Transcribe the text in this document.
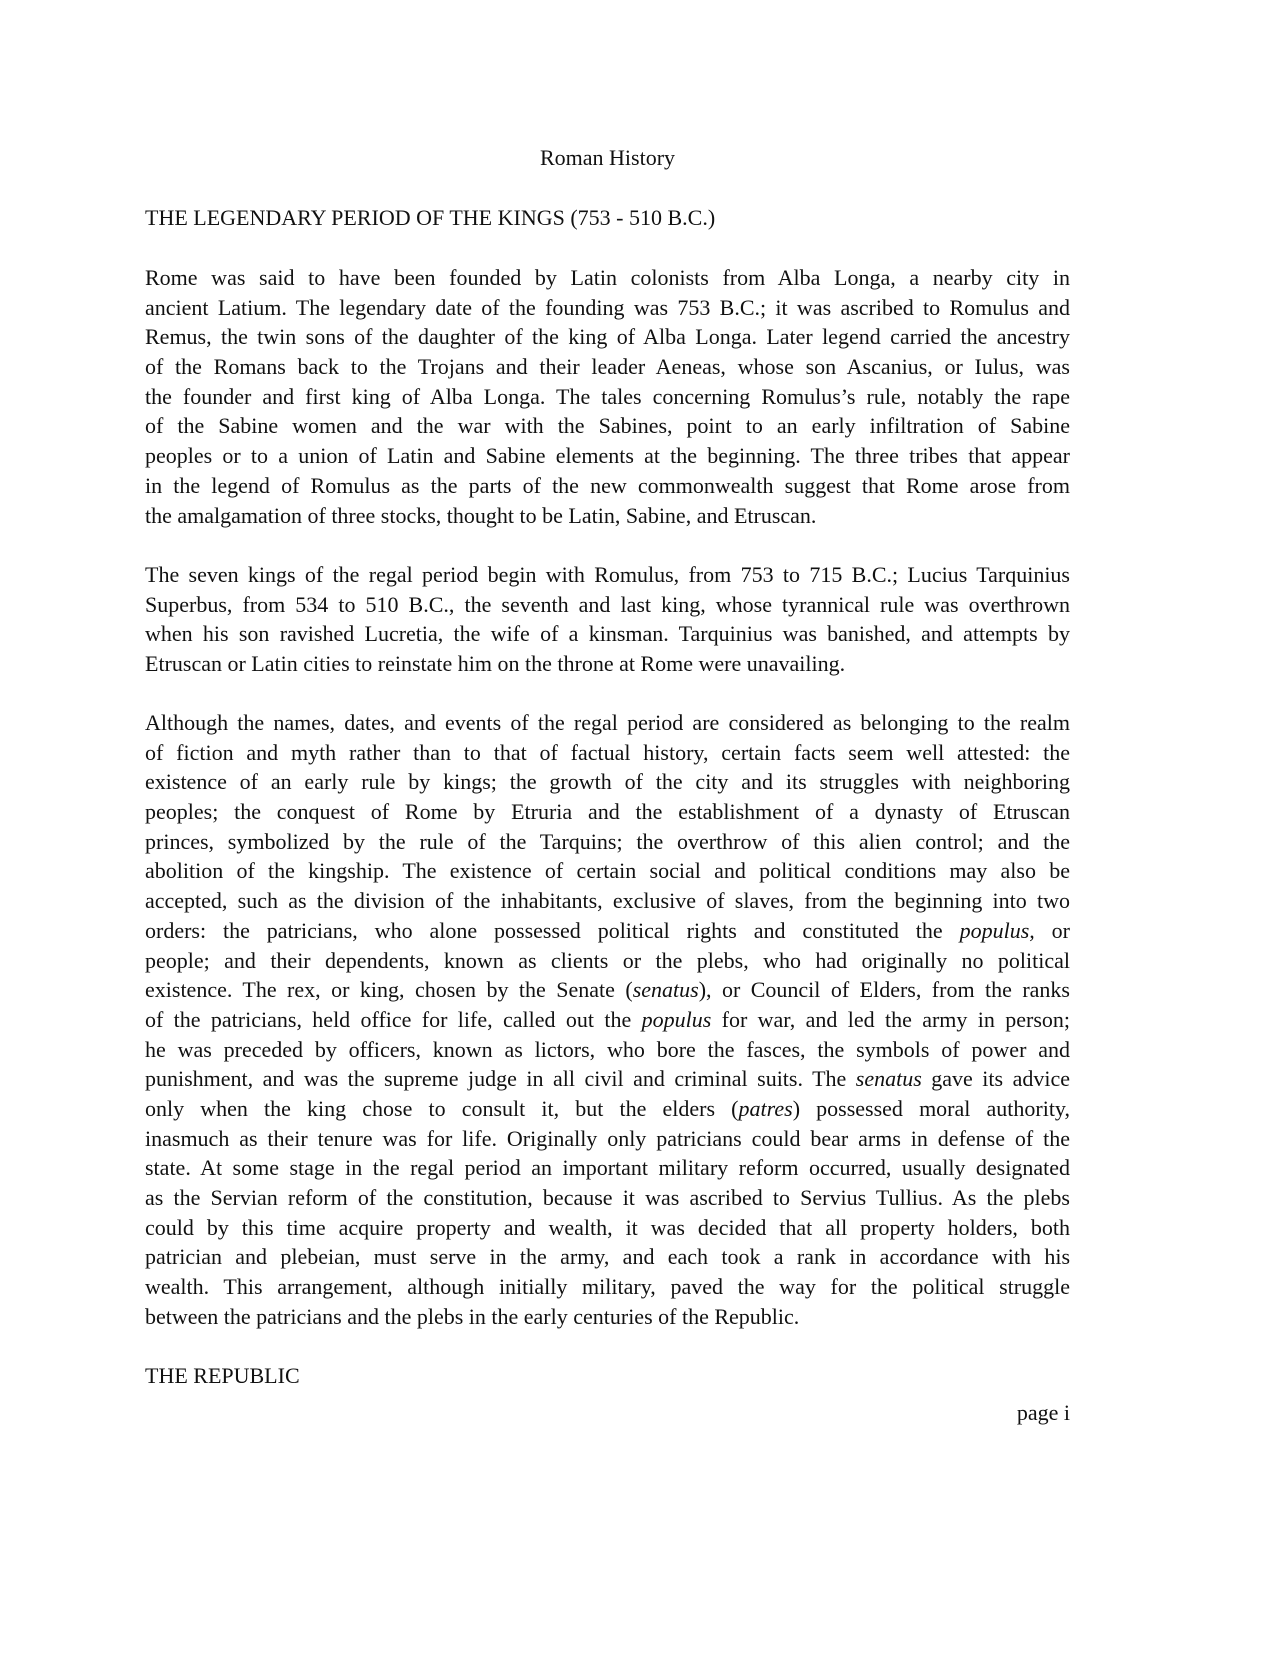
Roman History
THE LEGENDARY PERIOD OF THE KINGS (753 - 510 B.C.)
Rome was said to have been founded by Latin colonists from Alba Longa, a nearby city in
ancient Latium. The legendary date of the founding was 753 B.C.; it was ascribed to Romulus and
Remus, the twin sons of the daughter of the king of Alba Longa. Later legend carried the ancestry
of the Romans back to the Trojans and their leader Aeneas, whose son Ascanius, or Iulus, was
the founder and first king of Alba Longa. The tales concerning Romulus’s rule, notably the rape
of the Sabine women and the war with the Sabines, point to an early infiltration of Sabine
peoples or to a union of Latin and Sabine elements at the beginning. The three tribes that appear
in the legend of Romulus as the parts of the new commonwealth suggest that Rome arose from
the amalgamation of three stocks, thought to be Latin, Sabine, and Etruscan.
The seven kings of the regal period begin with Romulus, from 753 to 715 B.C.; Lucius Tarquinius
Superbus, from 534 to 510 B.C., the seventh and last king, whose tyrannical rule was overthrown
when his son ravished Lucretia, the wife of a kinsman. Tarquinius was banished, and attempts by
Etruscan or Latin cities to reinstate him on the throne at Rome were unavailing.
Although the names, dates, and events of the regal period are considered as belonging to the realm
of fiction and myth rather than to that of factual history, certain facts seem well attested: the
existence of an early rule by kings; the growth of the city and its struggles with neighboring
peoples; the conquest of Rome by Etruria and the establishment of a dynasty of Etruscan
princes, symbolized by the rule of the Tarquins; the overthrow of this alien control; and the
abolition of the kingship. The existence of certain social and political conditions may also be
accepted, such as the division of the inhabitants, exclusive of slaves, from the beginning into two
orders: the patricians, who alone possessed political rights and constituted the populus, or
people; and their dependents, known as clients or the plebs, who had originally no political
existence. The rex, or king, chosen by the Senate (senatus), or Council of Elders, from the ranks
of the patricians, held office for life, called out the populus for war, and led the army in person;
he was preceded by officers, known as lictors, who bore the fasces, the symbols of power and
punishment, and was the supreme judge in all civil and criminal suits. The senatus gave its advice
only when the king chose to consult it, but the elders (patres) possessed moral authority,
inasmuch as their tenure was for life. Originally only patricians could bear arms in defense of the
state. At some stage in the regal period an important military reform occurred, usually designated
as the Servian reform of the constitution, because it was ascribed to Servius Tullius. As the plebs
could by this time acquire property and wealth, it was decided that all property holders, both
patrician and plebeian, must serve in the army, and each took a rank in accordance with his
wealth. This arrangement, although initially military, paved the way for the political struggle
between the patricians and the plebs in the early centuries of the Republic.
THE REPUBLIC
page i
